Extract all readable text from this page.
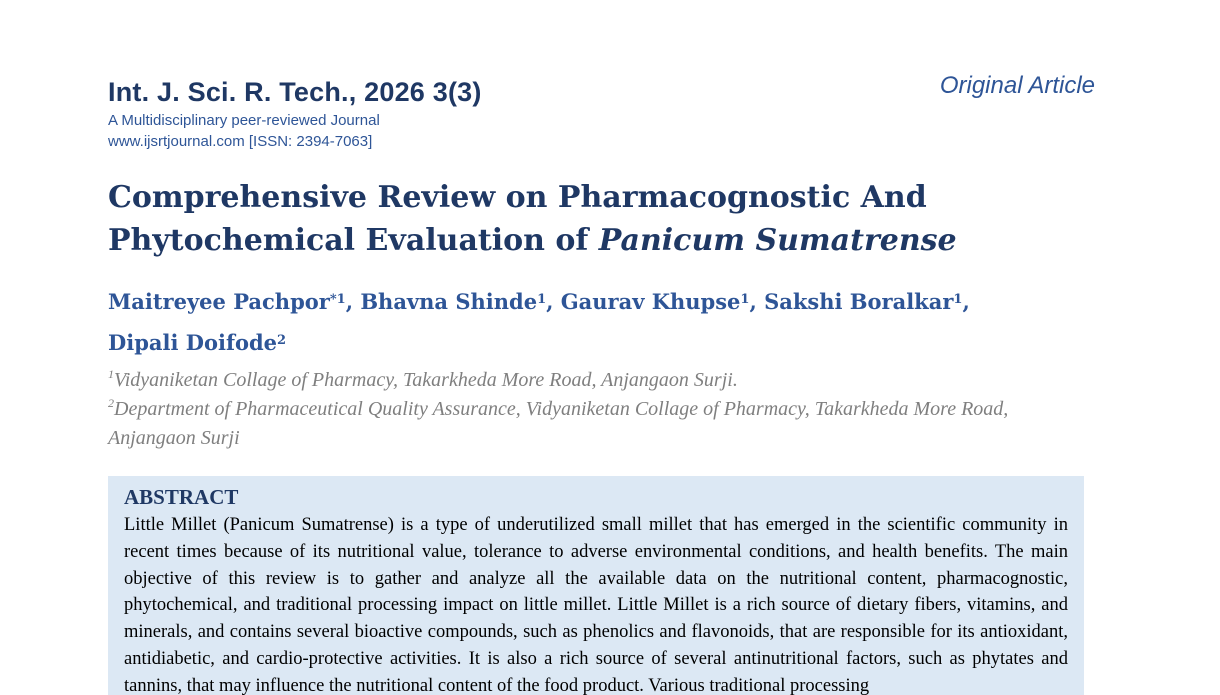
Int. J. Sci. R. Tech., 2026 3(3)

A Multidisciplinary peer-reviewed Journal

www.ijsrtjournal.com [ISSN: 2394-7063]

Original Article
Comprehensive Review on Pharmacognostic And Phytochemical Evaluation of Panicum Sumatrense
Maitreyee Pachpor$^{*1}$, Bhavna Shinde$^1$, Gaurav Khupse$^1$, Sakshi Boralkar$^1$,
Dipali Doifode$^2$

$^1$Vidyaniketan Collage of Pharmacy, Takarkheda More Road, Anjangaon Surji.

$^2$Department of Pharmaceutical Quality Assurance, Vidyaniketan Collage of Pharmacy, Takarkheda More Road, Anjangaon Surji

ABSTRACT

Little Millet (Panicum Sumatrense) is a type of underutilized small millet that has emerged in the scientific community in recent times because of its nutritional value, tolerance to adverse environmental conditions, and health benefits. The main objective of this review is to gather and analyze all the available data on the nutritional content, pharmacognostic, phytochemical, and traditional processing impact on little millet. Little Millet is a rich source of dietary fibers, vitamins, and minerals, and contains several bioactive compounds, such as phenolics and flavonoids, that are responsible for its antioxidant, antidiabetic, and cardio-protective activities. It is also a rich source of several antinutritional factors, such as phytates and tannins, that may influence the nutritional content of the food product. Various traditional processing
